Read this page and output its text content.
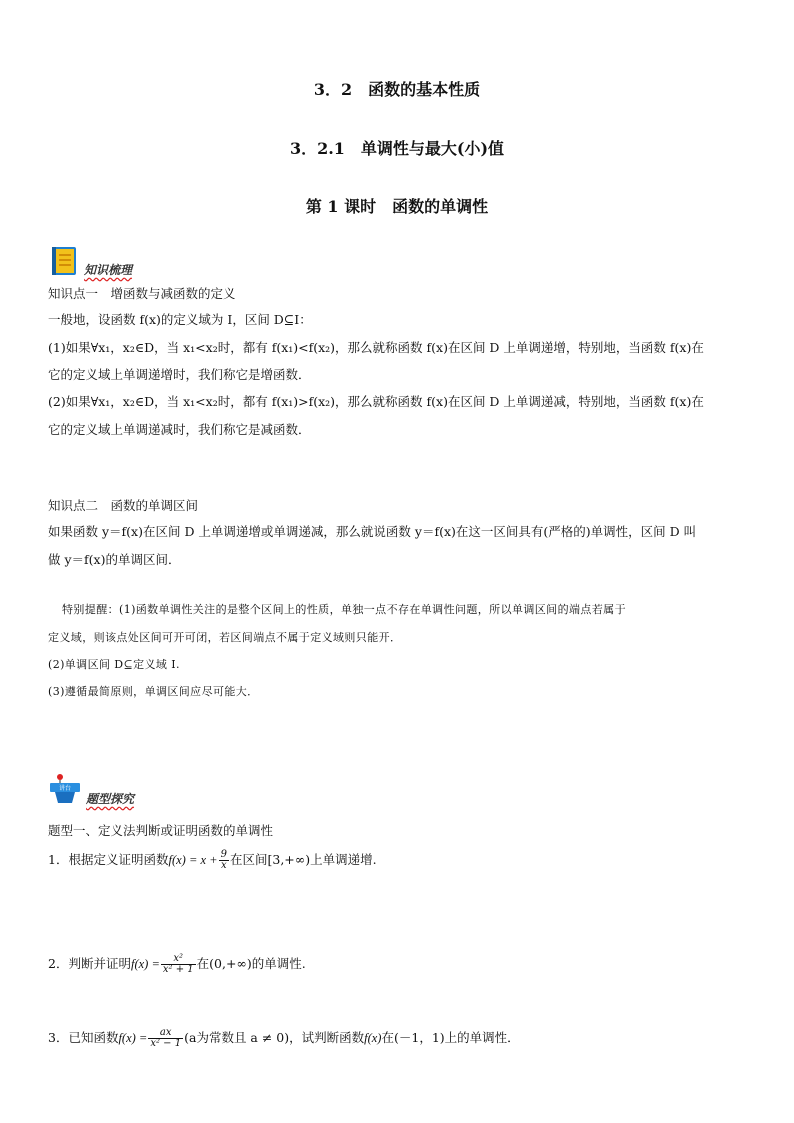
3．2　函数的基本性质
3．2.1　单调性与最大(小)值
第 1 课时　函数的单调性
知识梳理
知识点一　增函数与减函数的定义
一般地，设函数 f(x)的定义域为 I，区间 D⊆I：
(1)如果∀x₁，x₂∈D，当 x₁<x₂时，都有 f(x₁)<f(x₂)，那么就称函数 f(x)在区间 D 上单调递增，特别地，当函数 f(x)在
它的定义域上单调递增时，我们称它是增函数．
(2)如果∀x₁，x₂∈D，当 x₁<x₂时，都有 f(x₁)>f(x₂)，那么就称函数 f(x)在区间 D 上单调递减，特别地，当函数 f(x)在
它的定义域上单调递减时，我们称它是减函数．
知识点二　函数的单调区间
如果函数 y＝f(x)在区间 D 上单调递增或单调递减，那么就说函数 y＝f(x)在这一区间具有(严格的)单调性，区间 D 叫
做 y＝f(x)的单调区间．
特别提醒：(1)函数单调性关注的是整个区间上的性质，单独一点不存在单调性问题，所以单调区间的端点若属于
定义域，则该点处区间可开可闭，若区间端点不属于定义域则只能开．
(2)单调区间 D⊆定义域 I.
(3)遵循最简原则，单调区间应尽可能大．
讲台
题型探究
题型一、定义法判断或证明函数的单调性
1．根据定义证明函数$f(x) = x + \frac{9}{x}$ 在区间[3,+∞)上单调递增.
2．判断并证明$f(x) = \frac{\text{x²}}{\text{x² + 1}}$ 在(0,+∞)的单调性.
3．已知函数$f(x) = \frac{ax}{\text{x² − 1}} (a$为常数且 a ≠ 0)，试判断函数f(x)在(－1，1)上的单调性．
